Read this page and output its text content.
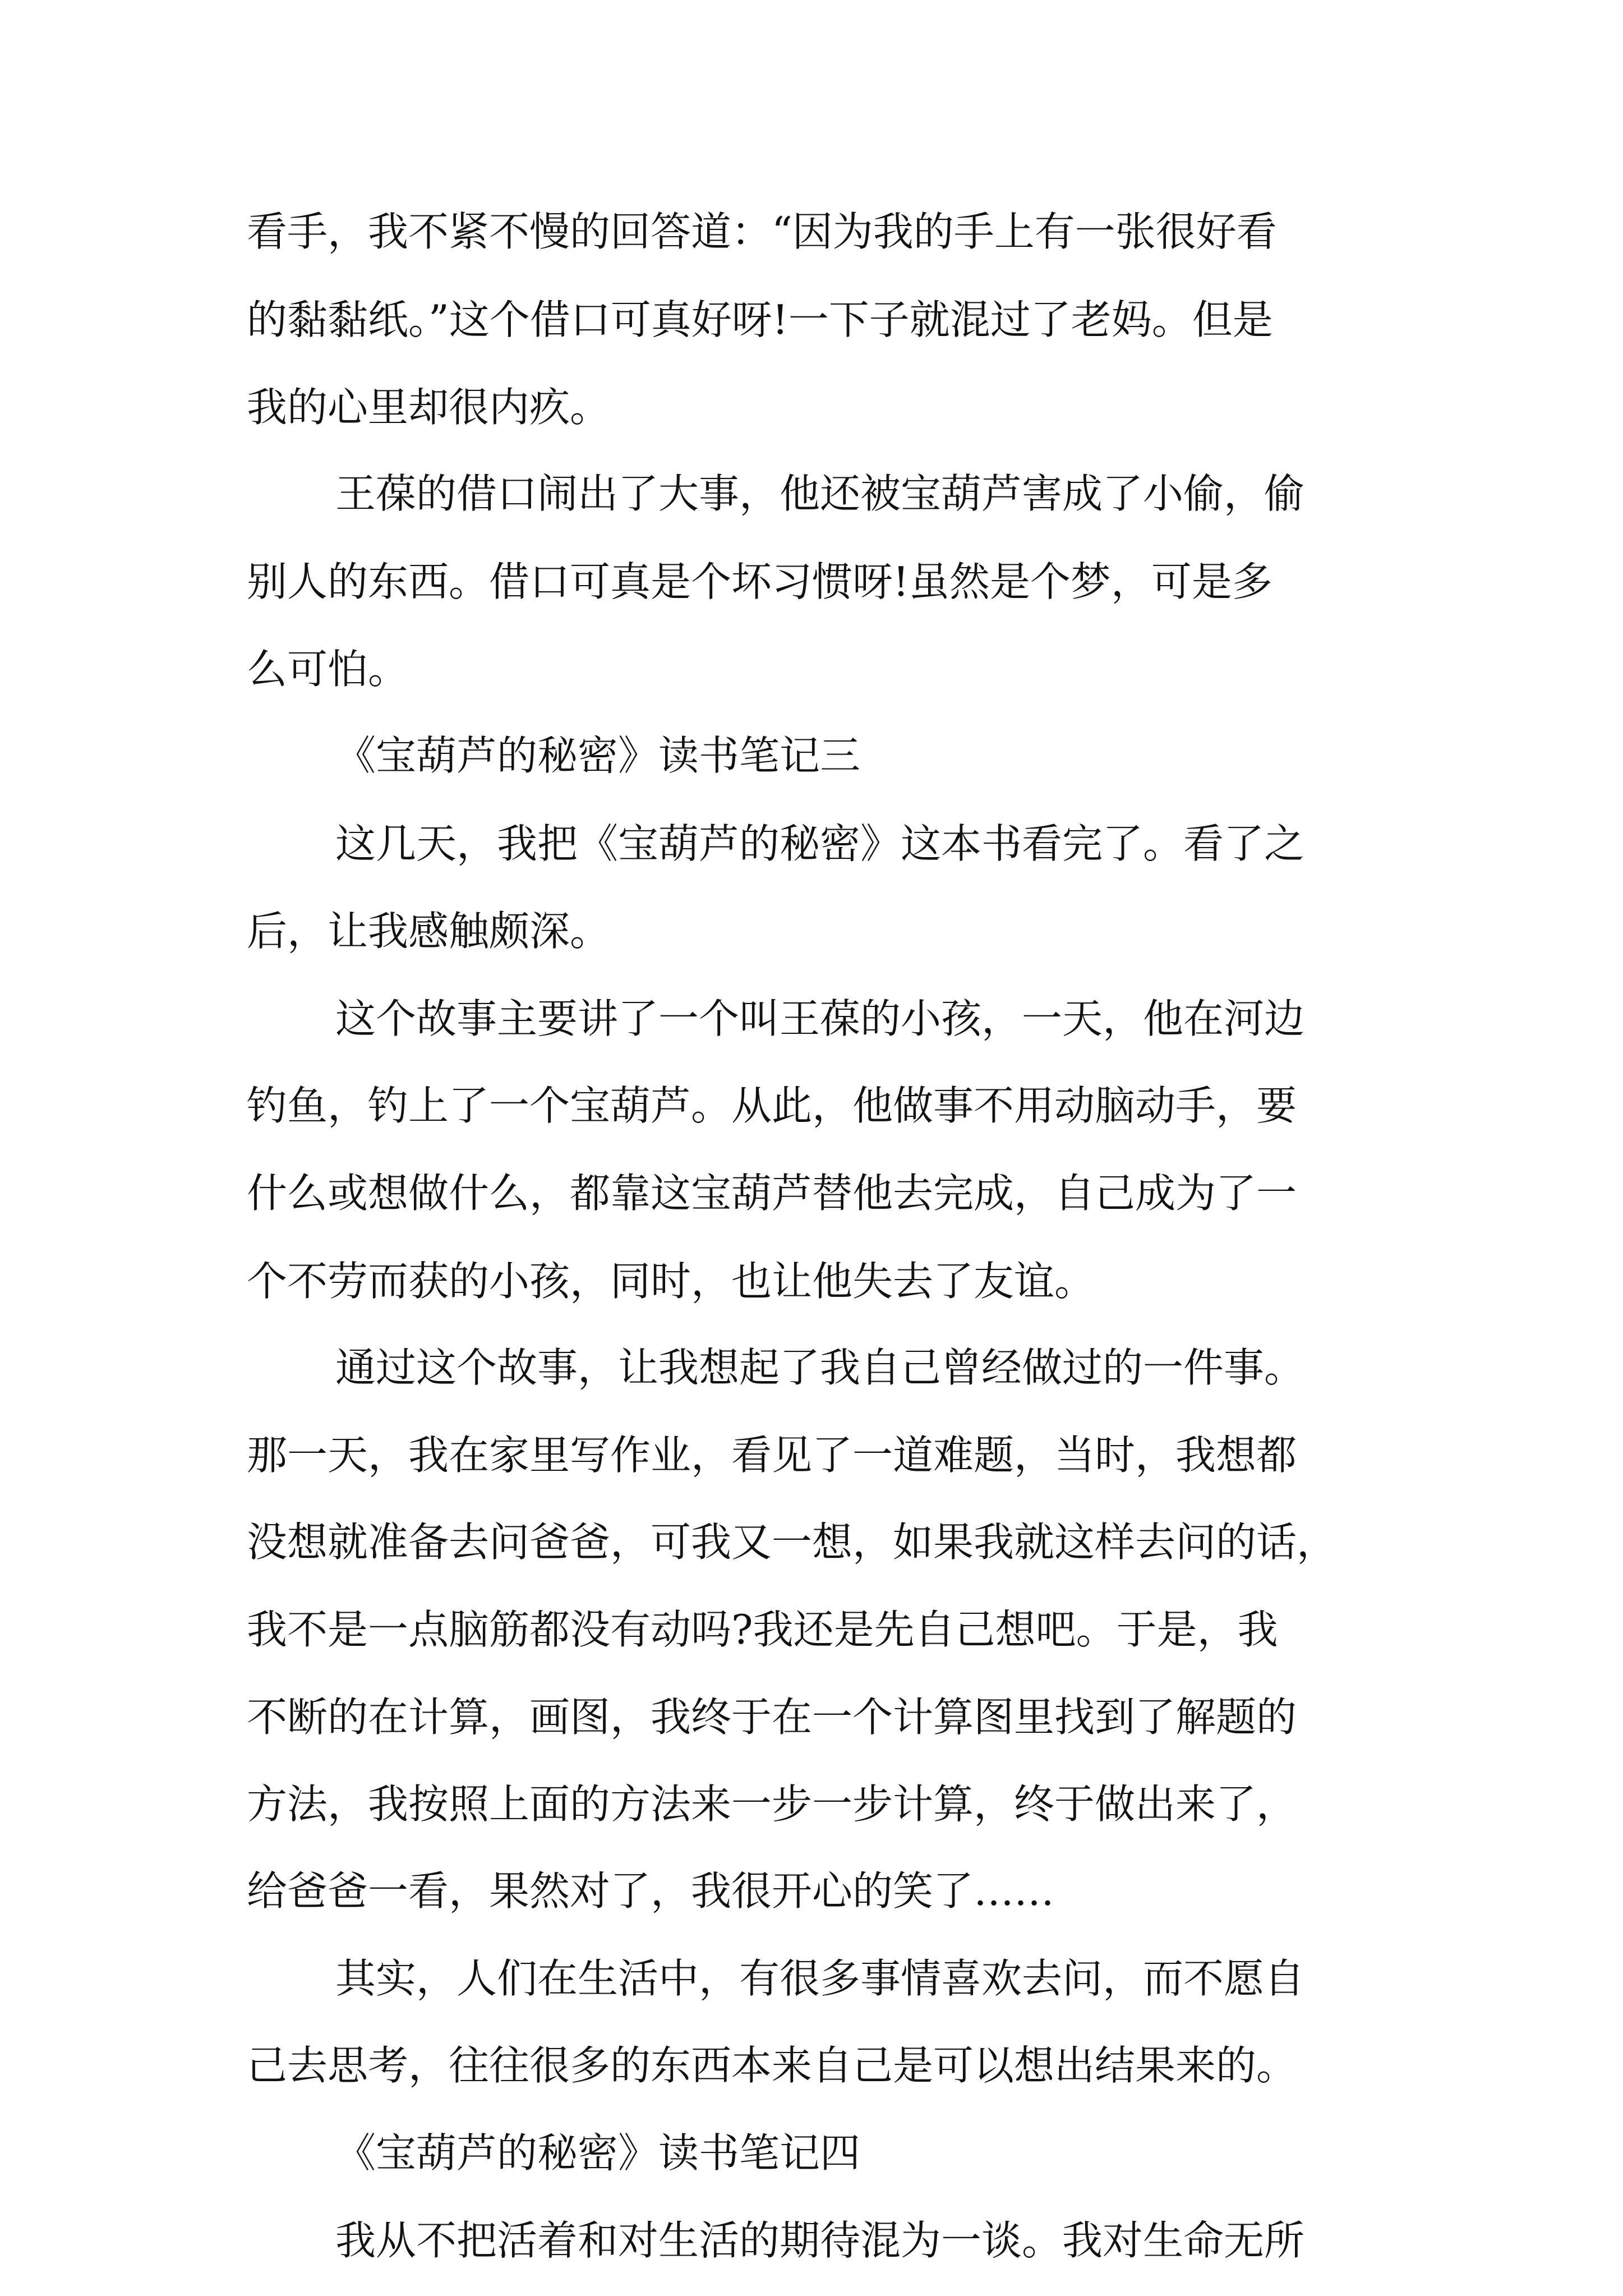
看手，我不紧不慢的回答道：“因为我的手上有一张很好看

的黏黏纸。”这个借口可真好呀!一下子就混过了老妈。但是

我的心里却很内疚。

王葆的借口闹出了大事，他还被宝葫芦害成了小偷，偷

别人的东西。借口可真是个坏习惯呀!虽然是个梦，可是多

么可怕。

《宝葫芦的秘密》读书笔记三

这几天，我把《宝葫芦的秘密》这本书看完了。看了之

后，让我感触颇深。

这个故事主要讲了一个叫王葆的小孩，一天，他在河边

钓鱼，钓上了一个宝葫芦。从此，他做事不用动脑动手，要

什么或想做什么，都靠这宝葫芦替他去完成，自己成为了一

个不劳而获的小孩，同时，也让他失去了友谊。

通过这个故事，让我想起了我自己曾经做过的一件事。

那一天，我在家里写作业，看见了一道难题，当时，我想都

没想就准备去问爸爸，可我又一想，如果我就这样去问的话，

我不是一点脑筋都没有动吗?我还是先自己想吧。于是，我

不断的在计算，画图，我终于在一个计算图里找到了解题的

方法，我按照上面的方法来一步一步计算，终于做出来了，

给爸爸一看，果然对了，我很开心的笑了……

其实，人们在生活中，有很多事情喜欢去问，而不愿自

己去思考，往往很多的东西本来自己是可以想出结果来的。

《宝葫芦的秘密》读书笔记四

我从不把活着和对生活的期待混为一谈。我对生命无所
